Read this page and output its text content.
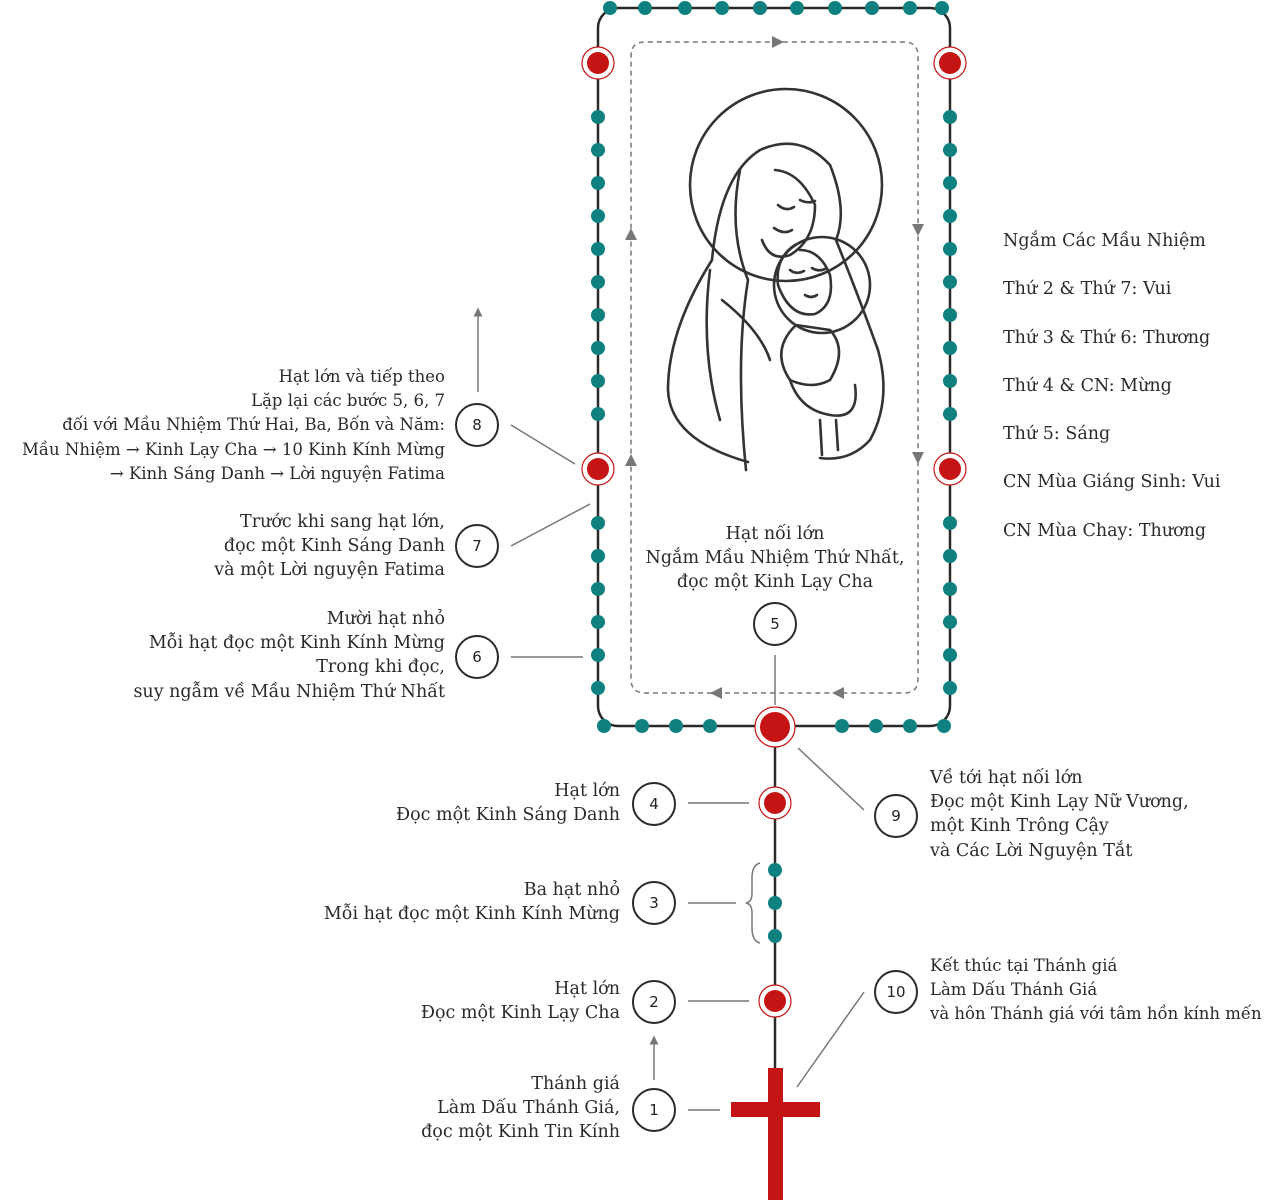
1
2
3
4
5
6
7
8
9
10
Thánh giá
Làm Dấu Thánh Giá,
đọc một Kinh Tin Kính
Hạt lớn
Đọc một Kinh Lạy Cha
Ba hạt nhỏ
Mỗi hạt đọc một Kinh Kính Mừng
Hạt lớn
Đọc một Kinh Sáng Danh
Hạt nối lớn
Ngắm Mầu Nhiệm Thứ Nhất,
đọc một Kinh Lạy Cha
Mười hạt nhỏ
Mỗi hạt đọc một Kinh Kính Mừng
Trong khi đọc,
suy ngẫm về Mầu Nhiệm Thứ Nhất
Trước khi sang hạt lớn,
đọc một Kinh Sáng Danh
và một Lời nguyện Fatima
Hạt lớn và tiếp theo
Lặp lại các bước 5, 6, 7
đối với Mầu Nhiệm Thứ Hai, Ba, Bốn và Năm:
Mầu Nhiệm → Kinh Lạy Cha → 10 Kinh Kính Mừng
→ Kinh Sáng Danh → Lời nguyện Fatima
Về tới hạt nối lớn
Đọc một Kinh Lạy Nữ Vương,
một Kinh Trông Cậy
và Các Lời Nguyện Tắt
Kết thúc tại Thánh giá
Làm Dấu Thánh Giá
và hôn Thánh giá với tâm hồn kính mến
Ngắm Các Mầu Nhiệm
Thứ 2 & Thứ 7: Vui
Thứ 3 & Thứ 6: Thương
Thứ 4 & CN: Mừng
Thứ 5: Sáng
CN Mùa Giáng Sinh: Vui
CN Mùa Chay: Thương
